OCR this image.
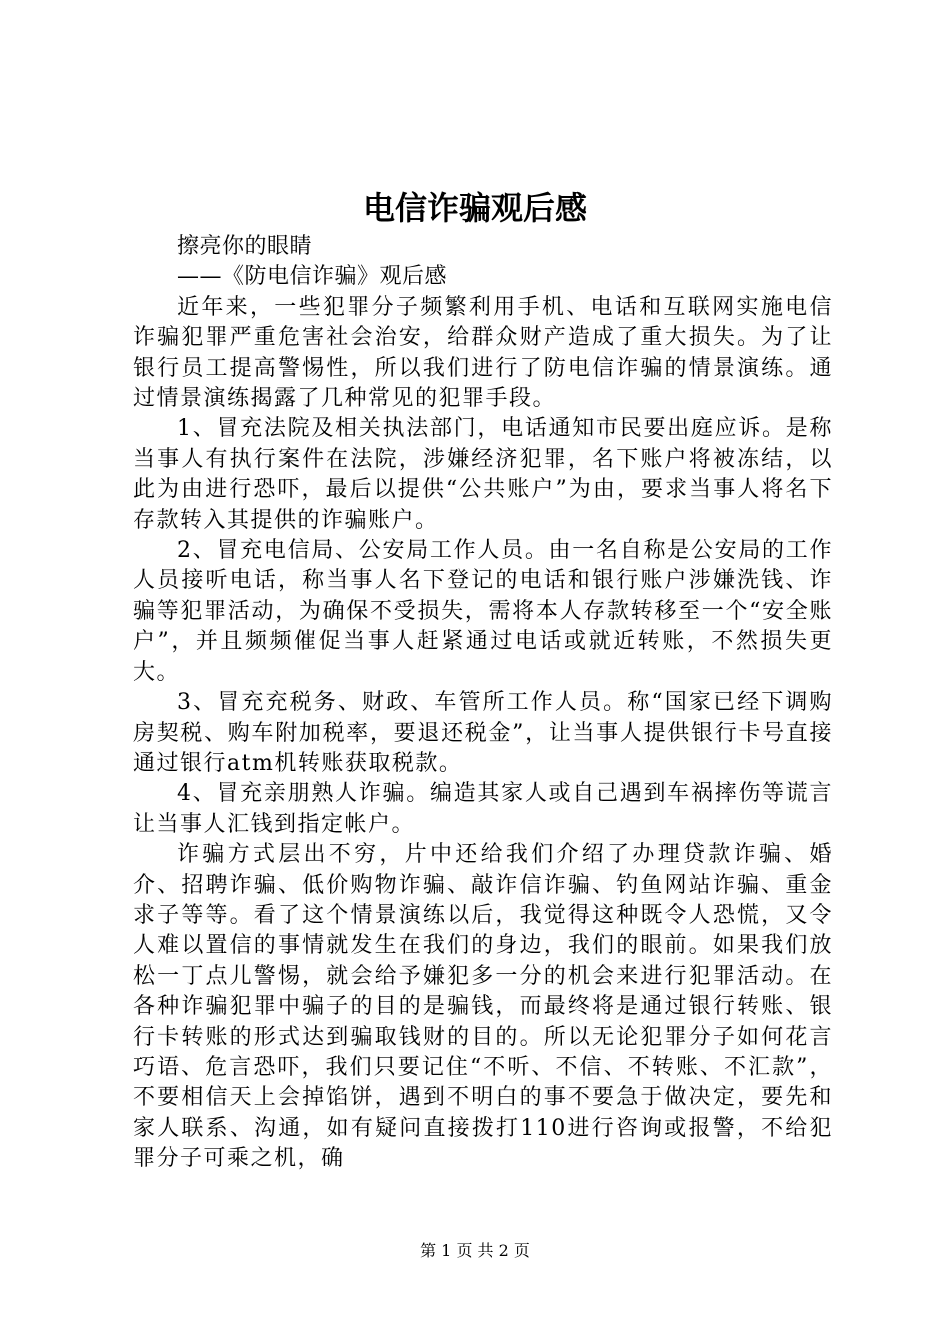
电信诈骗观后感

擦亮你的眼睛

——《防电信诈骗》观后感

近年来，一些犯罪分子频繁利用手机、电话和互联网实施电信诈骗犯罪严重危害社会治安，给群众财产造成了重大损失。为了让银行员工提高警惕性，所以我们进行了防电信诈骗的情景演练。通过情景演练揭露了几种常见的犯罪手段。

1、冒充法院及相关执法部门，电话通知市民要出庭应诉。是称当事人有执行案件在法院，涉嫌经济犯罪，名下账户将被冻结，以此为由进行恐吓，最后以提供“公共账户”为由，要求当事人将名下存款转入其提供的诈骗账户。

2、冒充电信局、公安局工作人员。由一名自称是公安局的工作人员接听电话，称当事人名下登记的电话和银行账户涉嫌洗钱、诈骗等犯罪活动，为确保不受损失，需将本人存款转移至一个“安全账户”，并且频频催促当事人赶紧通过电话或就近转账，不然损失更大。

3、冒充充税务、财政、车管所工作人员。称“国家已经下调购房契税、购车附加税率，要退还税金”，让当事人提供银行卡号直接通过银行atm机转账获取税款。

4、冒充亲朋熟人诈骗。编造其家人或自己遇到车祸摔伤等谎言让当事人汇钱到指定帐户。

诈骗方式层出不穷，片中还给我们介绍了办理贷款诈骗、婚介、招聘诈骗、低价购物诈骗、敲诈信诈骗、钓鱼网站诈骗、重金求子等等。看了这个情景演练以后，我觉得这种既令人恐慌，又令人难以置信的事情就发生在我们的身边，我们的眼前。如果我们放松一丁点儿警惕，就会给予嫌犯多一分的机会来进行犯罪活动。在各种诈骗犯罪中骗子的目的是骗钱，而最终将是通过银行转账、银行卡转账的形式达到骗取钱财的目的。所以无论犯罪分子如何花言巧语、危言恐吓，我们只要记住“不听、不信、不转账、不汇款”，不要相信天上会掉馅饼，遇到不明白的事不要急于做决定，要先和家人联系、沟通，如有疑问直接拨打110进行咨询或报警，不给犯罪分子可乘之机，确

第 1 页 共 2 页
